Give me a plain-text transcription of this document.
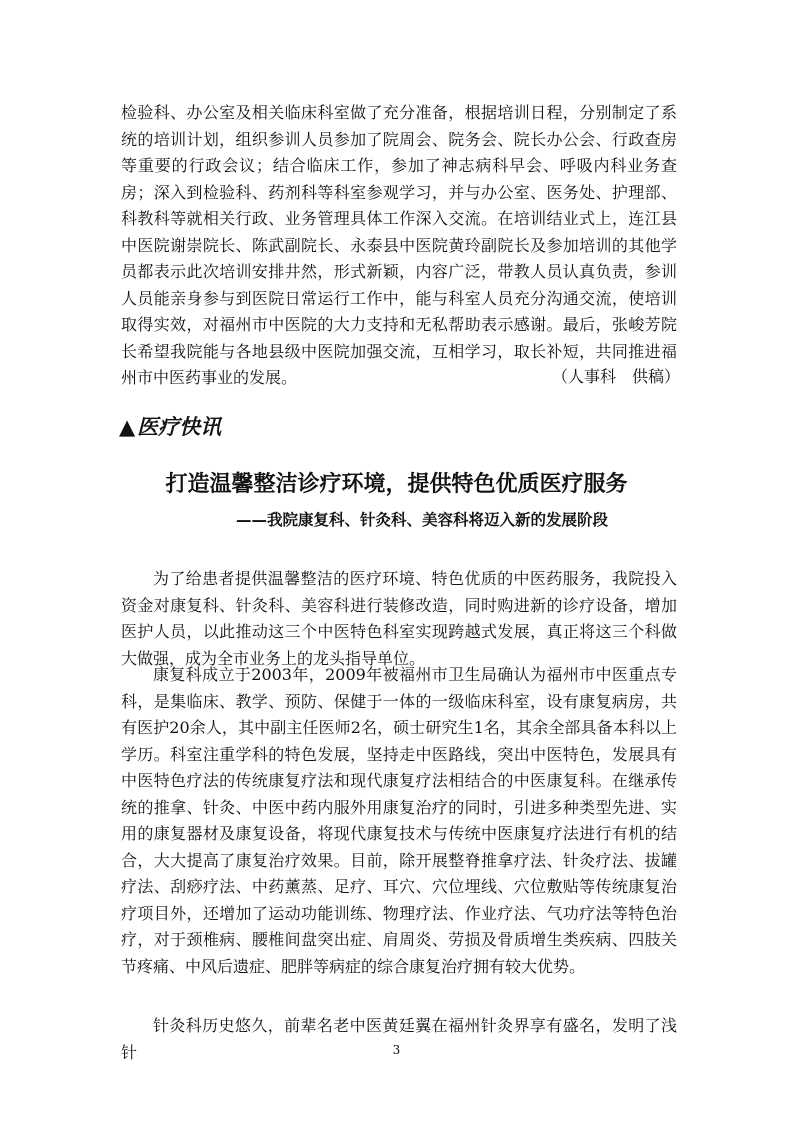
检验科、办公室及相关临床科室做了充分准备，根据培训日程，分别制定了系统的培训计划，组织参训人员参加了院周会、院务会、院长办公会、行政查房等重要的行政会议；结合临床工作，参加了神志病科早会、呼吸内科业务查房；深入到检验科、药剂科等科室参观学习，并与办公室、医务处、护理部、科教科等就相关行政、业务管理具体工作深入交流。在培训结业式上，连江县中医院谢崇院长、陈武副院长、永泰县中医院黄玲副院长及参加培训的其他学员都表示此次培训安排井然，形式新颖，内容广泛，带教人员认真负责，参训人员能亲身参与到医院日常运行工作中，能与科室人员充分沟通交流，使培训取得实效，对福州市中医院的大力支持和无私帮助表示感谢。最后，张峻芳院长希望我院能与各地县级中医院加强交流，互相学习，取长补短，共同推进福州市中医药事业的发展。	（人事科　供稿）
▲医疗快讯
打造温馨整洁诊疗环境，提供特色优质医疗服务
——我院康复科、针灸科、美容科将迈入新的发展阶段

为了给患者提供温馨整洁的医疗环境、特色优质的中医药服务，我院投入资金对康复科、针灸科、美容科进行装修改造，同时购进新的诊疗设备，增加医护人员，以此推动这三个中医特色科室实现跨越式发展，真正将这三个科做大做强，成为全市业务上的龙头指导单位。

康复科成立于2003年，2009年被福州市卫生局确认为福州市中医重点专科，是集临床、教学、预防、保健于一体的一级临床科室，设有康复病房，共有医护20余人，其中副主任医师2名，硕士研究生1名，其余全部具备本科以上学历。科室注重学科的特色发展，坚持走中医路线，突出中医特色，发展具有中医特色疗法的传统康复疗法和现代康复疗法相结合的中医康复科。在继承传统的推拿、针灸、中医中药内服外用康复治疗的同时，引进多种类型先进、实用的康复器材及康复设备，将现代康复技术与传统中医康复疗法进行有机的结合，大大提高了康复治疗效果。目前，除开展整脊推拿疗法、针灸疗法、拔罐疗法、刮痧疗法、中药薰蒸、足疗、耳穴、穴位埋线、穴位敷贴等传统康复治疗项目外，还增加了运动功能训练、物理疗法、作业疗法、气功疗法等特色治疗，对于颈椎病、腰椎间盘突出症、肩周炎、劳损及骨质增生类疾病、四肢关节疼痛、中风后遗症、肥胖等病症的综合康复治疗拥有较大优势。

针灸科历史悠久，前辈名老中医黄廷翼在福州针灸界享有盛名，发明了浅针	3
